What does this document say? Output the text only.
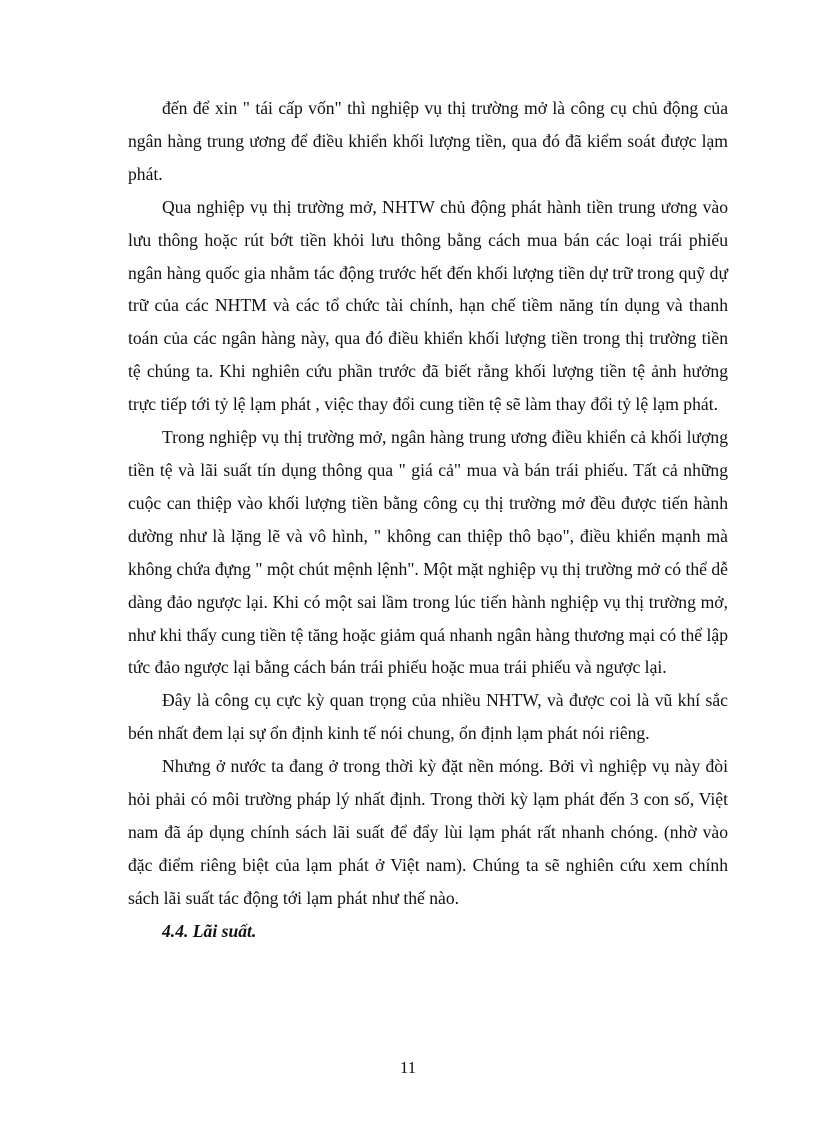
đến để xin " tái cấp vốn" thì nghiệp vụ thị trường mở là công cụ chủ động của ngân hàng trung ương để điều khiển khối lượng tiền, qua đó đã kiểm soát được lạm phát.

Qua nghiệp vụ thị trường mở, NHTW chủ động phát hành tiền trung ương vào lưu thông hoặc rút bớt tiền khỏi lưu thông bằng cách mua bán các loại trái phiếu ngân hàng quốc gia nhằm tác động trước hết đến khối lượng tiền dự trữ trong quỹ dự trữ của các NHTM và các tổ chức tài chính, hạn chế tiềm năng tín dụng và thanh toán của các ngân hàng này, qua đó điều khiển khối lượng tiền trong thị trường tiền tệ chúng ta. Khi nghiên cứu phần trước đã biết rằng khối lượng tiền tệ ảnh hưởng trực tiếp tới tỷ lệ lạm phát , việc thay đổi cung tiền tệ sẽ làm thay đổi tỷ lệ lạm phát.

Trong nghiệp vụ thị trường mở, ngân hàng trung ương điều khiển cả khối lượng tiền tệ và lãi suất tín dụng thông qua " giá cả" mua và bán trái phiếu. Tất cả những cuộc can thiệp vào khối lượng tiền bằng công cụ thị trường mở đều được tiến hành dường như là lặng lẽ và vô hình, " không can thiệp thô bạo", điều khiển mạnh mà không chứa đựng " một chút mệnh lệnh". Một mặt nghiệp vụ thị trường mở có thể dễ dàng đảo ngược lại. Khi có một sai lầm trong lúc tiến hành nghiệp vụ thị trường mở, như khi thấy cung tiền tệ tăng hoặc giảm quá nhanh ngân hàng thương mại có thể lập tức đảo ngược lại bằng cách bán trái phiếu hoặc mua trái phiếu và ngược lại.

Đây là công cụ cực kỳ quan trọng của nhiều NHTW, và được coi là vũ khí sắc bén nhất đem lại sự ổn định kinh tế nói chung, ổn định lạm phát nói riêng.

Nhưng ở nước ta đang ở trong thời kỳ đặt nền móng. Bởi vì nghiệp vụ này đòi hỏi phải có môi trường pháp lý nhất định. Trong thời kỳ lạm phát đến 3 con số, Việt nam đã áp dụng chính sách lãi suất để đẩy lùi lạm phát rất nhanh chóng. (nhờ vào đặc điểm riêng biệt của lạm phát ở Việt nam). Chúng ta sẽ nghiên cứu xem chính sách lãi suất tác động tới lạm phát như thế nào.

4.4. Lãi suất.

11
